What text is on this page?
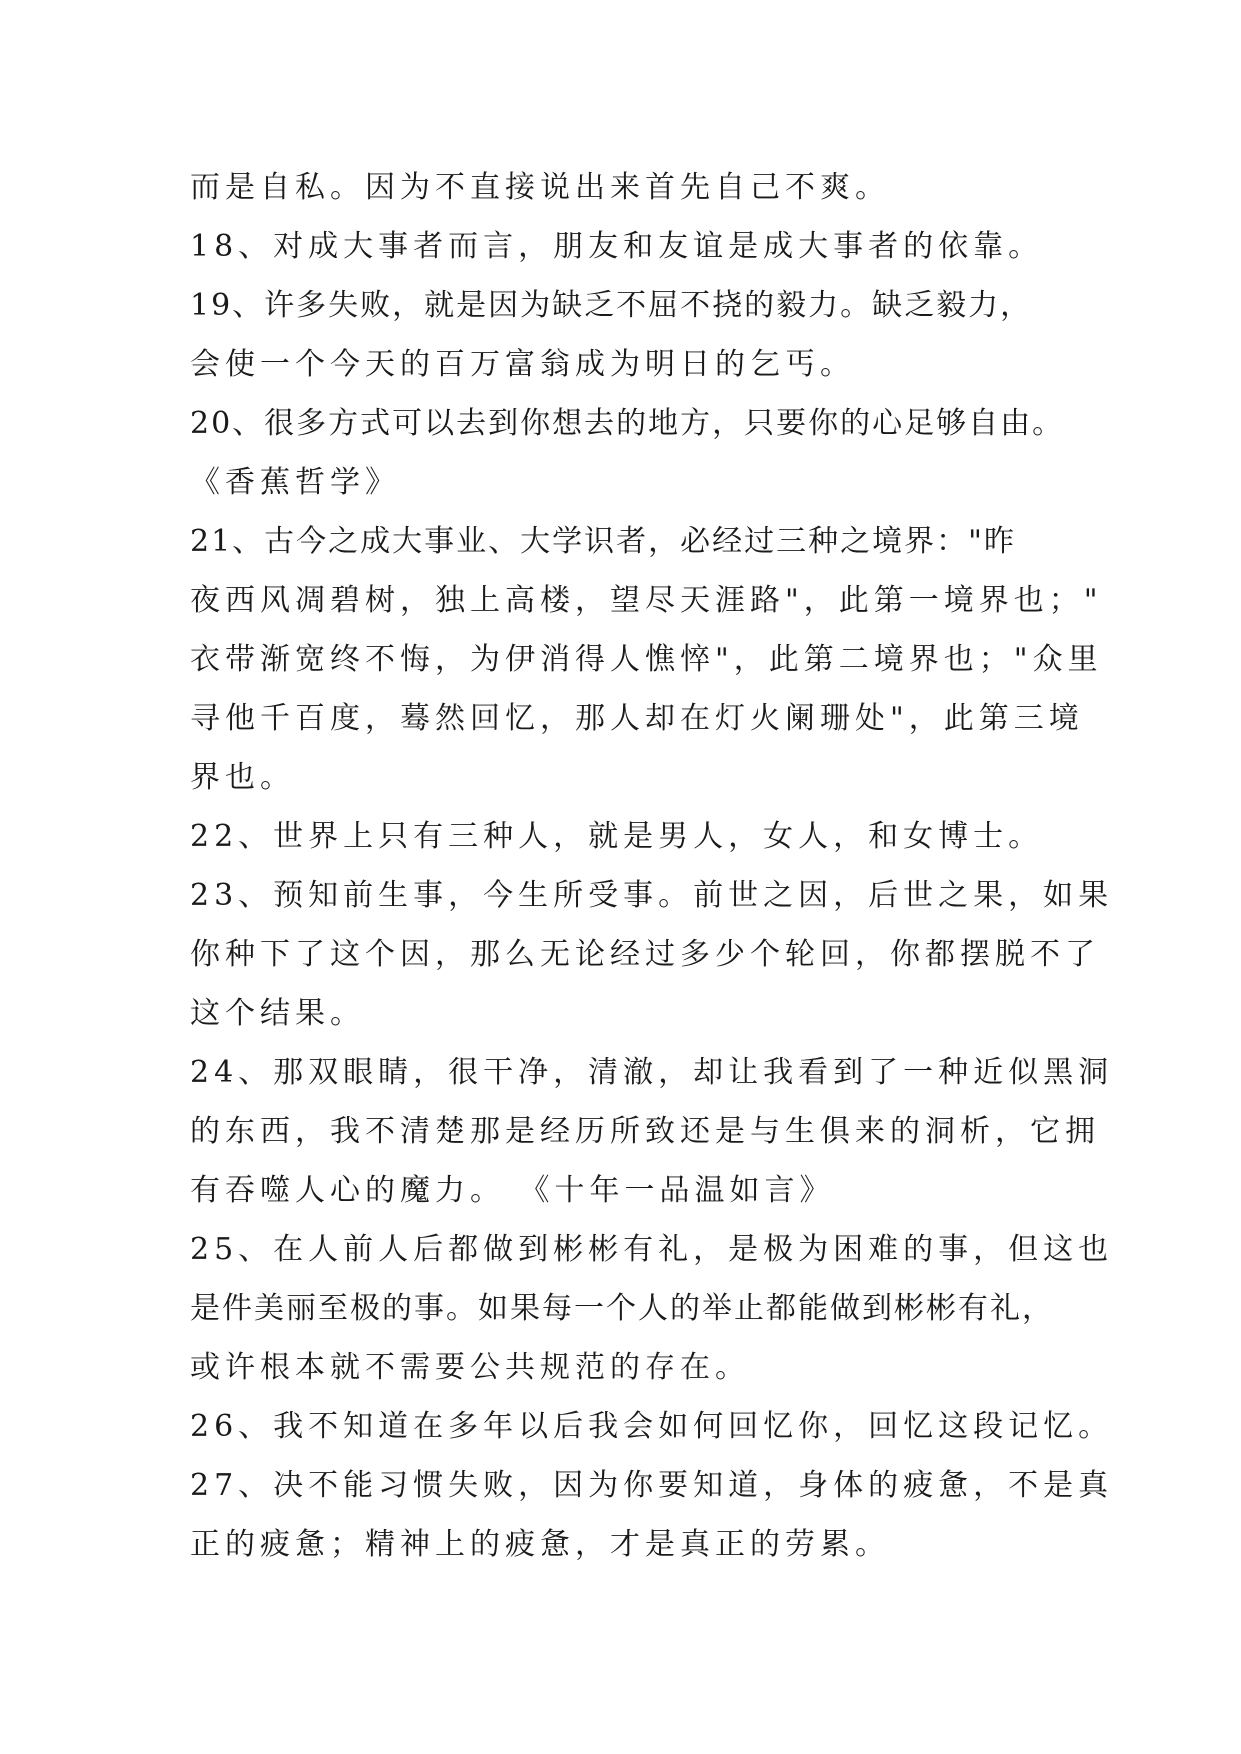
而是自私。因为不直接说出来首先自己不爽。
18、对成大事者而言，朋友和友谊是成大事者的依靠。
19、许多失败，就是因为缺乏不屈不挠的毅力。缺乏毅力，
会使一个今天的百万富翁成为明日的乞丐。
20、很多方式可以去到你想去的地方，只要你的心足够自由。
《香蕉哲学》
21、古今之成大事业、大学识者，必经过三种之境界："昨
夜西风凋碧树，独上高楼，望尽天涯路"，此第一境界也；"
衣带渐宽终不悔，为伊消得人憔悴"，此第二境界也；"众里
寻他千百度，蓦然回忆，那人却在灯火阑珊处"，此第三境
界也。
22、世界上只有三种人，就是男人，女人，和女博士。
23、预知前生事，今生所受事。前世之因，后世之果，如果
你种下了这个因，那么无论经过多少个轮回，你都摆脱不了
这个结果。
24、那双眼睛，很干净，清澈，却让我看到了一种近似黑洞
的东西，我不清楚那是经历所致还是与生俱来的洞析，它拥
有吞噬人心的魔力。 《十年一品温如言》
25、在人前人后都做到彬彬有礼，是极为困难的事，但这也
是件美丽至极的事。如果每一个人的举止都能做到彬彬有礼，
或许根本就不需要公共规范的存在。
26、我不知道在多年以后我会如何回忆你，回忆这段记忆。
27、决不能习惯失败，因为你要知道，身体的疲惫，不是真
正的疲惫；精神上的疲惫，才是真正的劳累。
